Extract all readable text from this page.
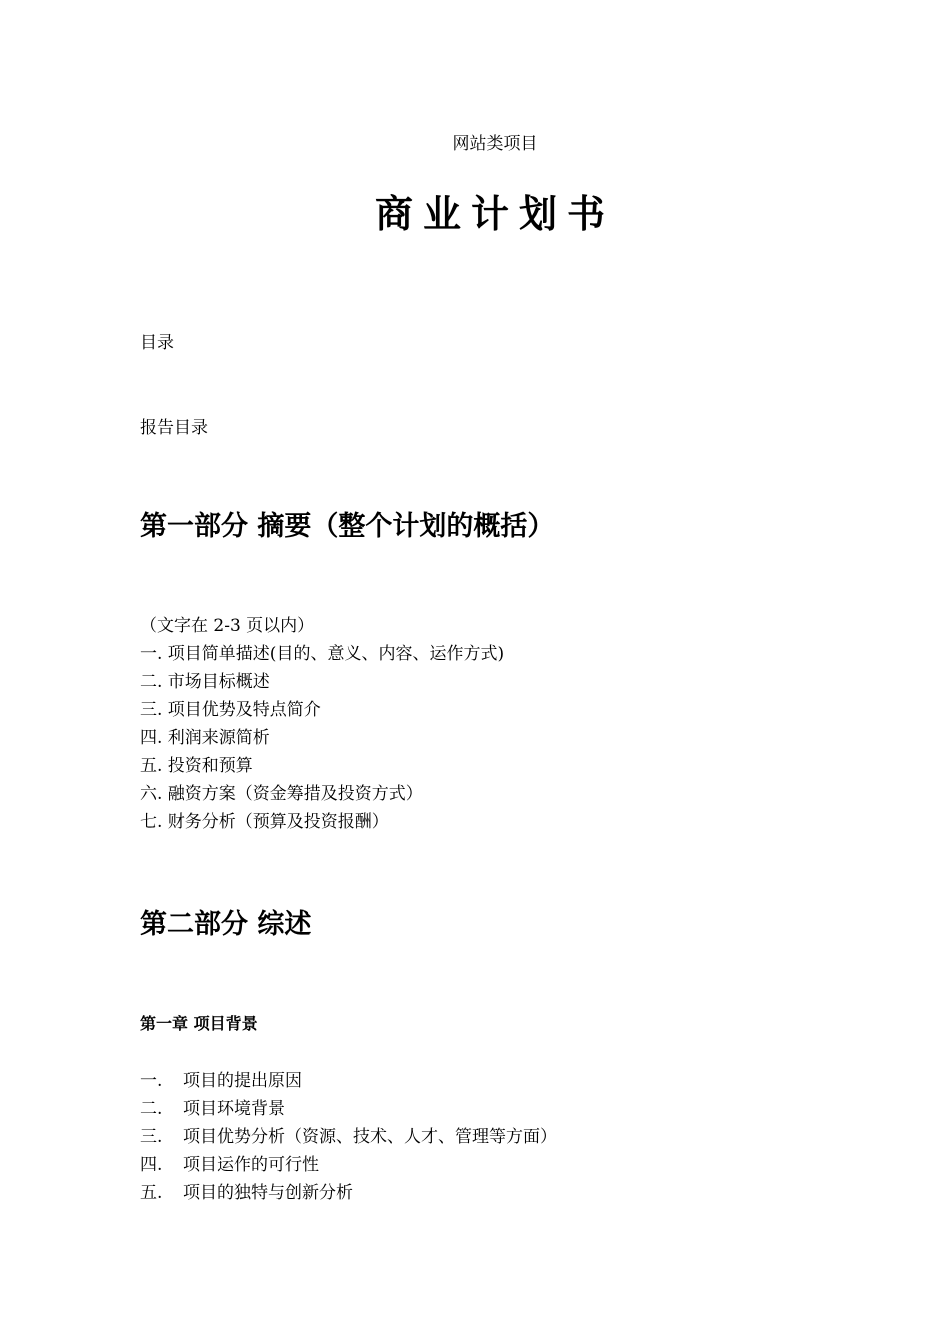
网站类项目
商业计划书
目录
报告目录
第一部分 摘要（整个计划的概括）
（文字在 2-3 页以内）
一. 项目简单描述(目的、意义、内容、运作方式)
二. 市场目标概述
三. 项目优势及特点简介
四. 利润来源简析
五. 投资和预算
六. 融资方案（资金筹措及投资方式）
七. 财务分析（预算及投资报酬）
第二部分 综述
第一章 项目背景
一. 项目的提出原因
二. 项目环境背景
三. 项目优势分析（资源、技术、人才、管理等方面）
四. 项目运作的可行性
五. 项目的独特与创新分析
